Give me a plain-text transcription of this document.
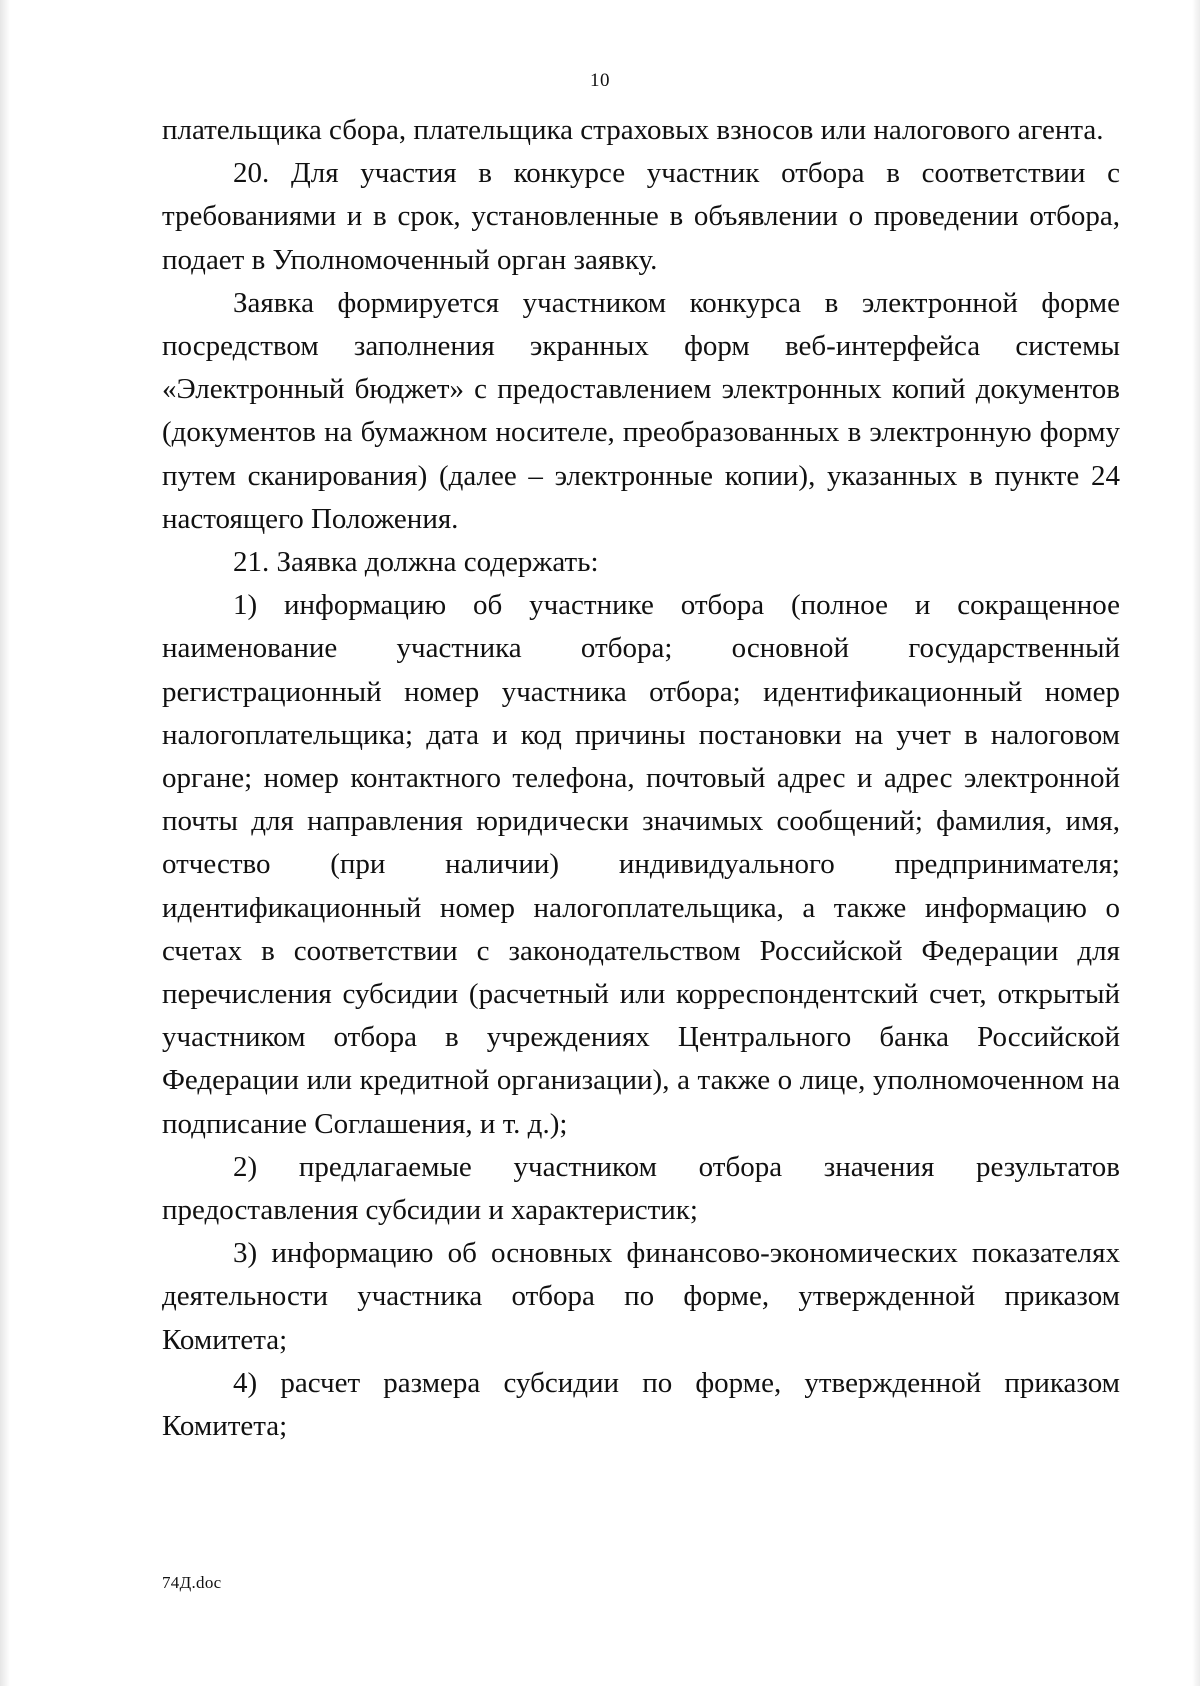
10

плательщика сбора, плательщика страховых взносов или налогового агента.

20. Для участия в конкурсе участник отбора в соответствии с требованиями и в срок, установленные в объявлении о проведении отбора, подает в Уполномоченный орган заявку.

Заявка формируется участником конкурса в электронной форме посредством заполнения экранных форм веб-интерфейса системы «Электронный бюджет» с предоставлением электронных копий документов (документов на бумажном носителе, преобразованных в электронную форму путем сканирования) (далее – электронные копии), указанных в пункте 24 настоящего Положения.

21. Заявка должна содержать:

1) информацию об участнике отбора (полное и сокращенное наименование участника отбора; основной государственный регистрационный номер участника отбора; идентификационный номер налогоплательщика; дата и код причины постановки на учет в налоговом органе; номер контактного телефона, почтовый адрес и адрес электронной почты для направления юридически значимых сообщений; фамилия, имя, отчество (при наличии) индивидуального предпринимателя; идентификационный номер налогоплательщика, а также информацию о счетах в соответствии с законодательством Российской Федерации для перечисления субсидии (расчетный или корреспондентский счет, открытый участником отбора в учреждениях Центрального банка Российской Федерации или кредитной организации), а также о лице, уполномоченном на подписание Соглашения, и т. д.);

2) предлагаемые участником отбора значения результатов предоставления субсидии и характеристик;

3) информацию об основных финансово-экономических показателях деятельности участника отбора по форме, утвержденной приказом Комитета;

4) расчет размера субсидии по форме, утвержденной приказом Комитета;

74Д.doc
